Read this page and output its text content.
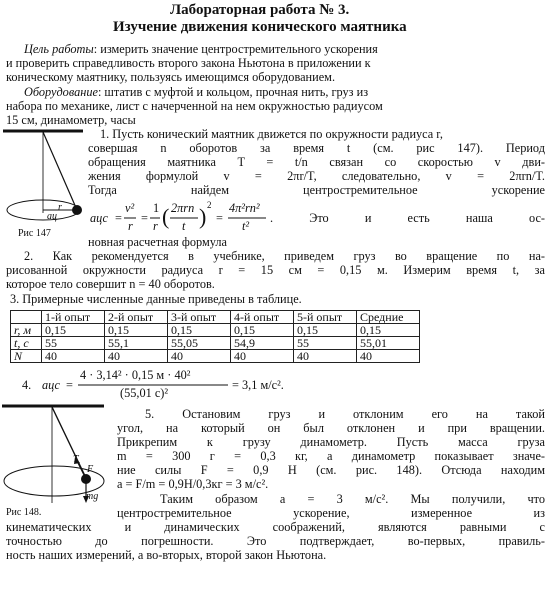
Лабораторная работа № 3.
Изучение движения конического маятника
Цель работы: измерить значение центростремительного ускорения
и проверить справедливость второго закона Ньютона в приложении к
коническому маятнику, пользуясь имеющимся оборудованием.
Оборудование: штатив с муфтой и кольцом, прочная нить, груз из
набора по механике, лист с начерченной на нем окружностью радиусом
15 см, динамометр, часы
r
aц
Рис 147
1. Пусть конический маятник движется по окружности радиуса r,
совершая n оборотов за время t (см. рис 147). Период
обращения маятника T = t/n связан со скоростью v дви-
жения формулой v = 2πr/T, следовательно, v = 2πrn/T.
Тогда найдем центростремительное ускорение
aцс =
v²
r
=
1
r ( 2πrn
t ) 2
=
4π²rn²
t²
. Это и есть наша ос-
новная расчетная формула
2. Как рекомендуется в учебнике, приведем груз во вращение по на-
рисованной окружности радиуса r = 15 см = 0,15 м. Измерим время t, за
которое тело совершит n = 40 оборотов.
3. Примерные численные данные приведены в таблице.
	1-й опыт	2-й опыт	3-й опыт	4-й опыт	5-й опыт	Средние
r, м	0,15	0,15	0,15	0,15	0,15	0,15
t, с	55	55,1	55,05	54,9	55	55,01
N	40	40	40	40	40	40
4. aцс =
4 · 3,14² · 0,15 м · 40²
(55,01 с)²
= 3,1 м/с².
T
F
mg
Рис 148.
5. Остановим груз и отклоним его на такой
угол, на который он был отклонен и при вращении.
Прикрепим к грузу динамометр. Пусть масса груза
m = 300 г = 0,3 кг, а динамометр показывает значе-
ние силы F = 0,9 Н (см. рис. 148). Отсюда находим
a = F/m = 0,9Н/0,3кг = 3 м/с².
Таким образом a = 3 м/с². Мы получили, что
центростремительное ускорение, измеренное из
кинематических и динамических соображений, являются равными с
точностью до погрешности. Это подтверждает, во-первых, правиль-
ность наших измерений, а во-вторых, второй закон Ньютона.
